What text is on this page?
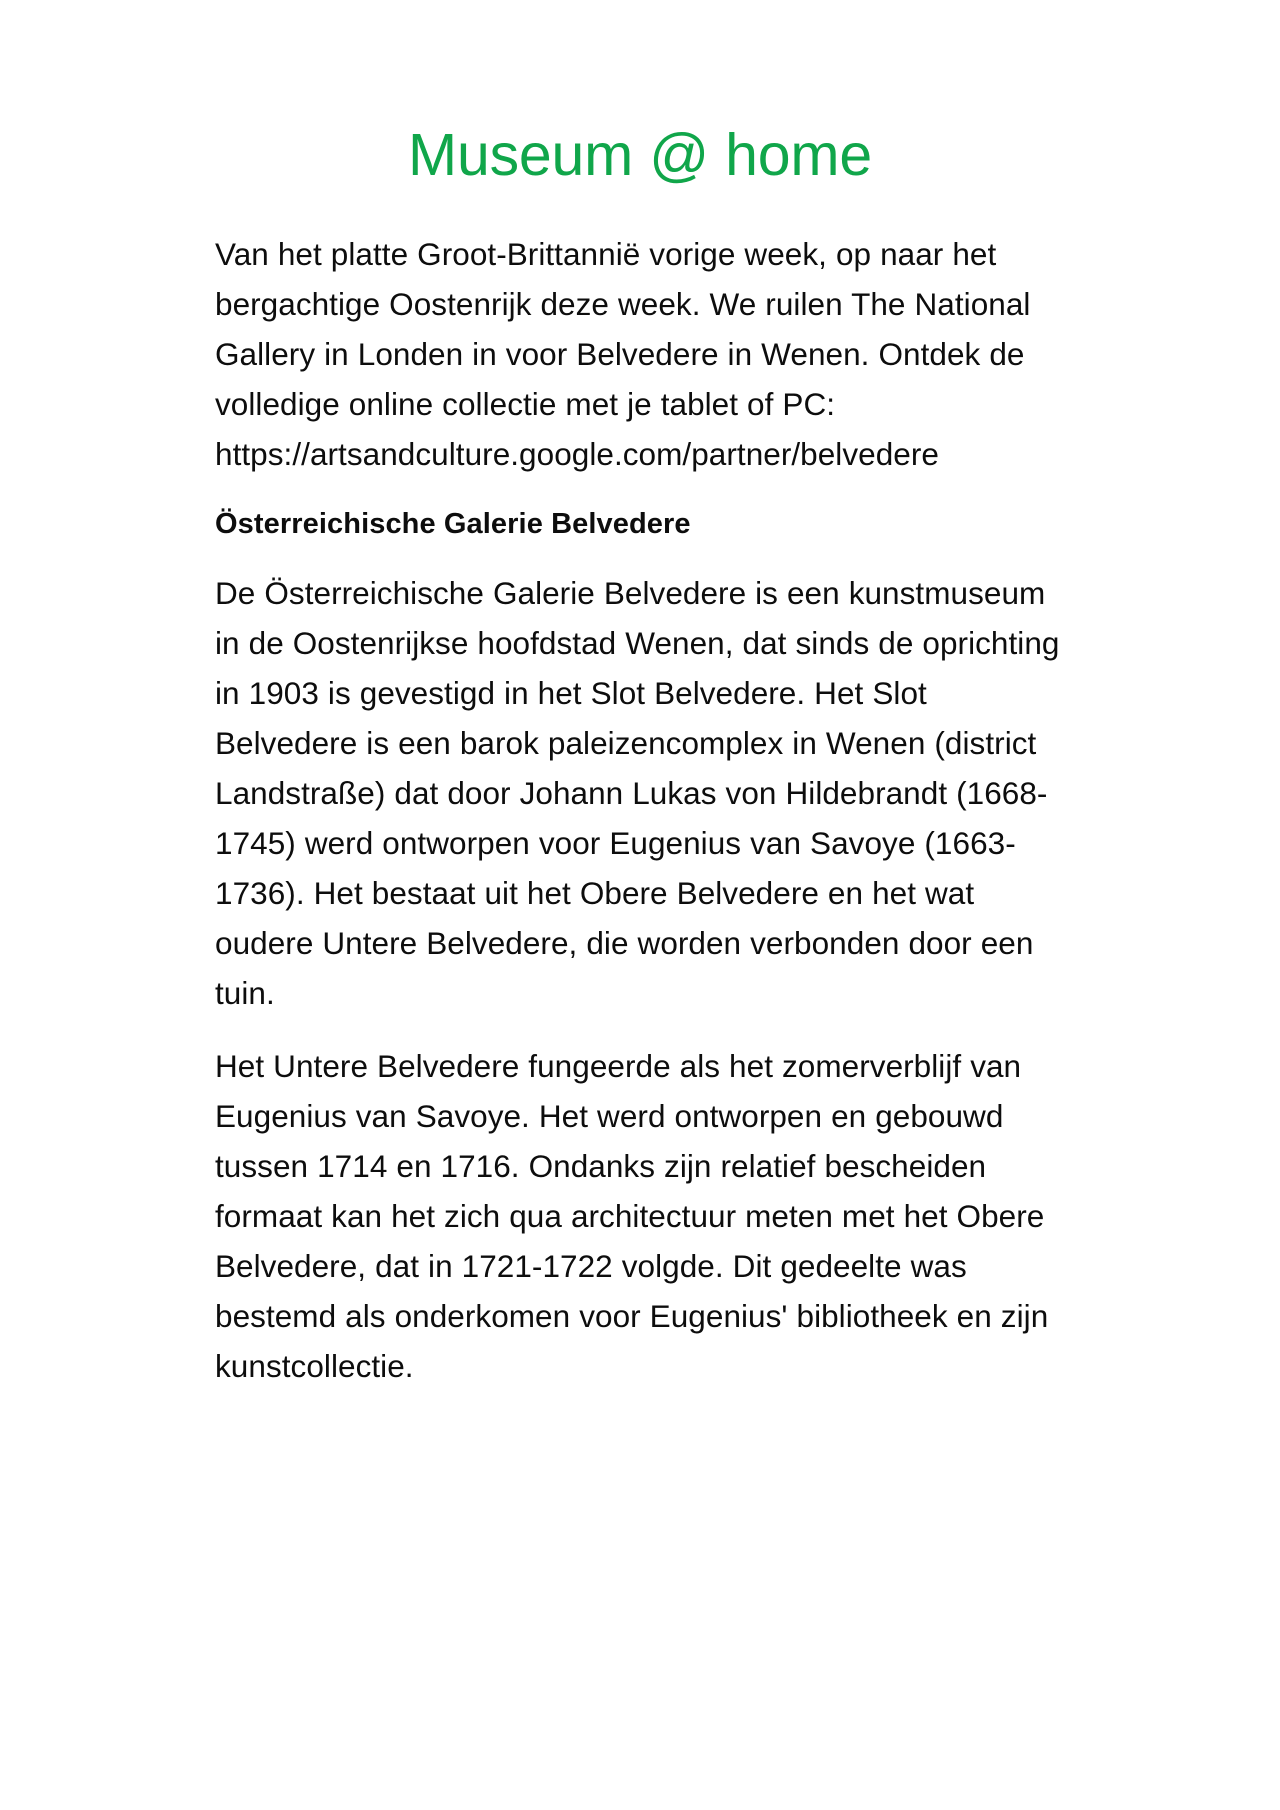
Museum @ home

Van het platte Groot-Brittannië vorige week, op naar het bergachtige Oostenrijk deze week. We ruilen The National Gallery in Londen in voor Belvedere in Wenen. Ontdek de volledige online collectie met je tablet of PC: https://artsandculture.google.com/partner/belvedere

Österreichische Galerie Belvedere

De Österreichische Galerie Belvedere is een kunstmuseum in de Oostenrijkse hoofdstad Wenen, dat sinds de oprichting in 1903 is gevestigd in het Slot Belvedere. Het Slot Belvedere is een barok paleizencomplex in Wenen (district Landstraße) dat door Johann Lukas von Hildebrandt (1668-1745) werd ontworpen voor Eugenius van Savoye (1663-1736). Het bestaat uit het Obere Belvedere en het wat oudere Untere Belvedere, die worden verbonden door een tuin.

Het Untere Belvedere fungeerde als het zomerverblijf van Eugenius van Savoye. Het werd ontworpen en gebouwd tussen 1714 en 1716. Ondanks zijn relatief bescheiden formaat kan het zich qua architectuur meten met het Obere Belvedere, dat in 1721-1722 volgde. Dit gedeelte was bestemd als onderkomen voor Eugenius' bibliotheek en zijn kunstcollectie.
